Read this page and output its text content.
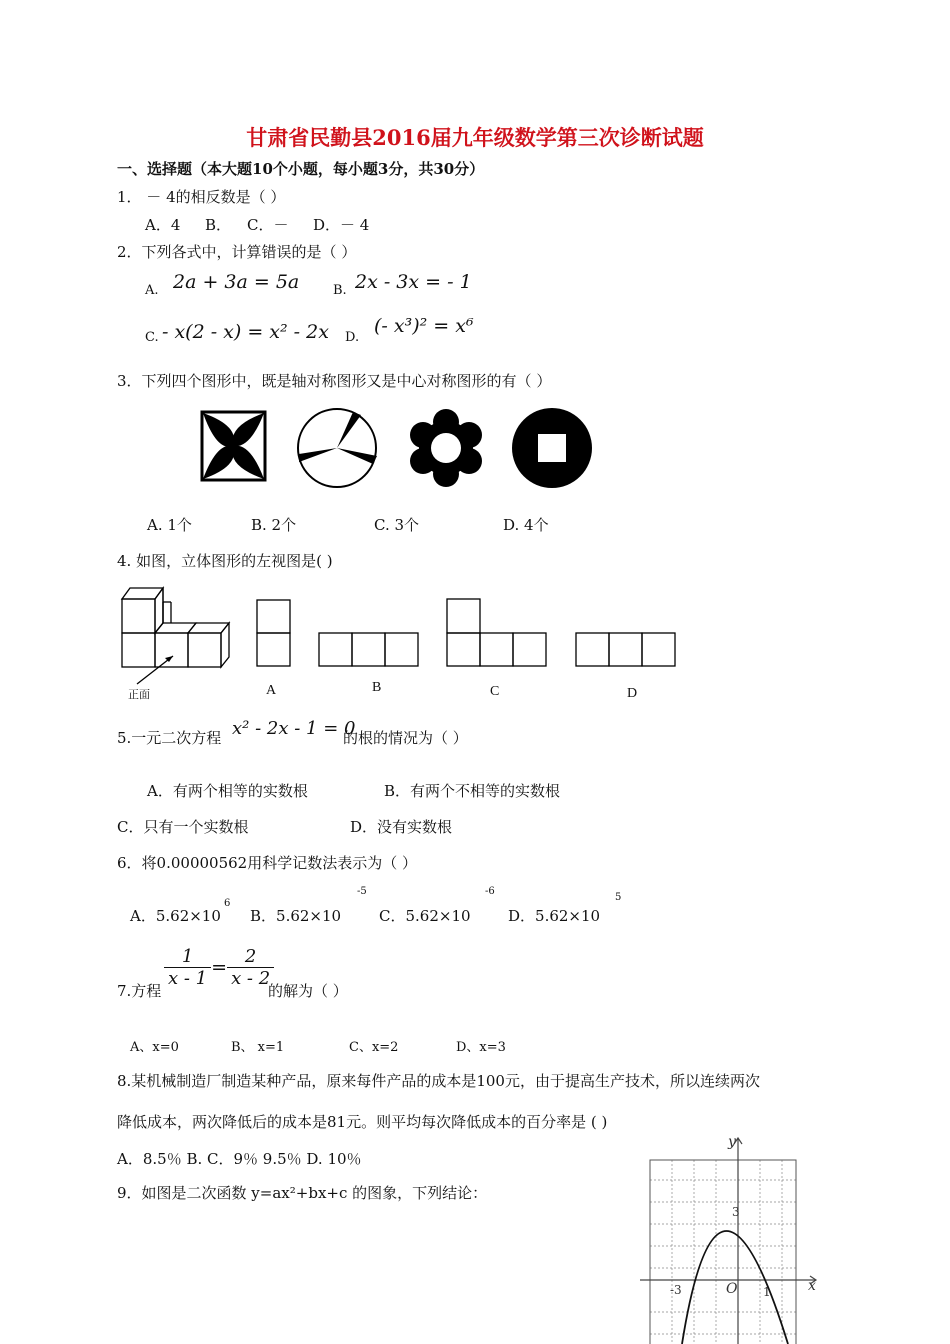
甘肃省民勤县2016届九年级数学第三次诊断试题
一、选择题（本大题10个小题，每小题3分，共30分）
1． － 4的相反数是（ ）
A．4 B． C．－ D．－ 4
2．下列各式中，计算错误的是（ ）
A. 2a + 3a = 5a	B. 2x - 3x = - 1
C. - x(2 - x) = x² - 2x D.
(- x³)² = x⁶
3．下列四个图形中，既是轴对称图形又是中心对称图形的有（ ）
A. 1个	B. 2个	C. 3个	D. 4个
4. 如图，立体图形的左视图是( )
正面	A	B	C	D
5.一元二次方程 x² - 2x - 1 = 0
的根的情况为（ ）
A．有两个相等的实数根	B．有两个不相等的实数根
C．只有一个实数根	D．没有实数根
6．将0.00000562用科学记数法表示为（ ）
A．5.62×10
6
B．5.62×10
-5
C．5.62×10
-6
D．5.62×10
5
7.方程
$\frac{1}{x - 1} = \frac{2}{x - 2}$
的解为（ ）
A、x=0	B、 x=1	C、x=2	D、x=3
8.某机械制造厂制造某种产品，原来每件产品的成本是100元，由于提高生产技术，所以连续两次
降低成本，两次降低后的成本是81元。则平均每次降低成本的百分率是 ( )
A．8.5％ B. C．9％ 9.5％ D. 10％
9．如图是二次函数 y=ax²+bx+c 的图象，下列结论：
y
x
O
3
-3	1
